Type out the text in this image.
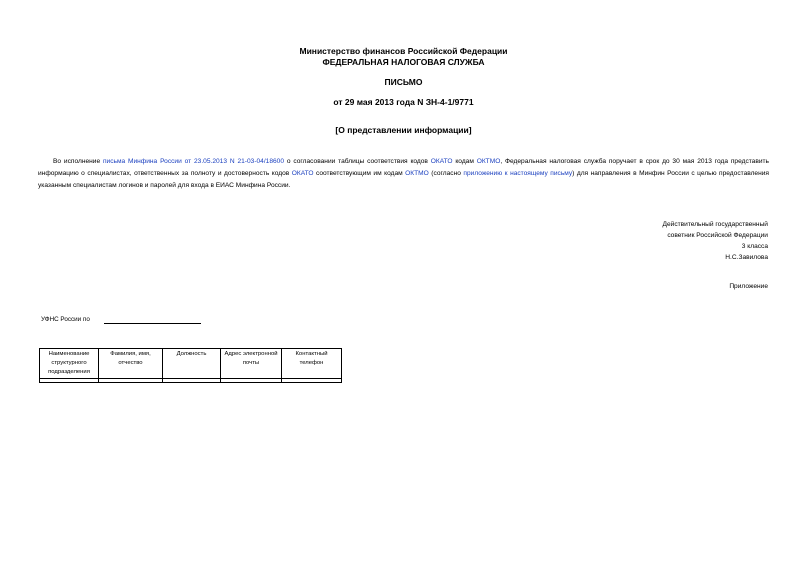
Министерство финансов Российской Федерации
ФЕДЕРАЛЬНАЯ НАЛОГОВАЯ СЛУЖБА
ПИСЬМО
от 29 мая 2013 года N ЗН-4-1/9771
[О представлении информации]

Во исполнение письма Минфина России от 23.05.2013 N 21-03-04/18600 о согласовании таблицы соответствия кодов ОКАТО кодам ОКТМО, Федеральная налоговая служба поручает в срок до 30 мая 2013 года представить информацию о специалистах, ответственных за полноту и достоверность кодов ОКАТО соответствующим им кодам ОКТМО (согласно приложению к настоящему письму) для направления в Минфин России с целью предоставления указанным специалистам логинов и паролей для входа в ЕИАС Минфина России.

Действительный государственный
советник Российской Федерации
3 класса
Н.С.Завилова
Приложение
УФНС России по
Наименование структурного подразделения	Фамилия, имя, отчество	Должность	Адрес электронной почты	Контактный телефон
